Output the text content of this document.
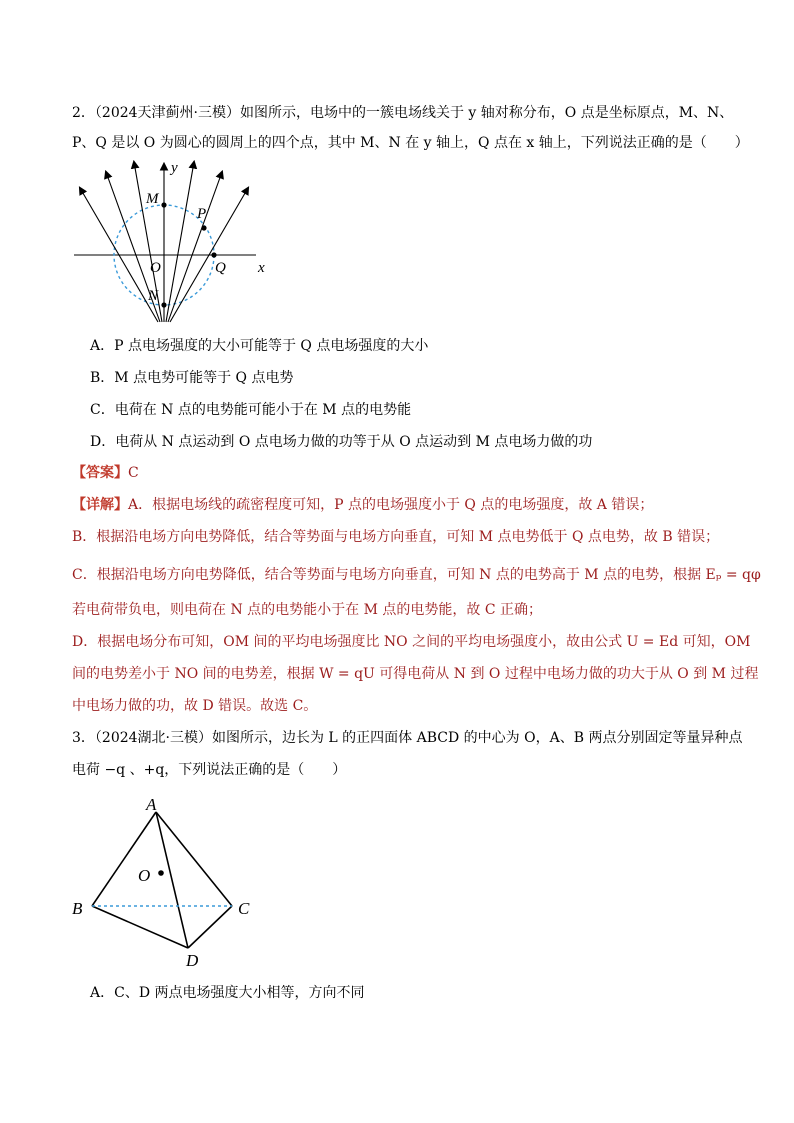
2．（2024天津蓟州·三模）如图所示，电场中的一簇电场线关于 y 轴对称分布，O 点是坐标原点，M、N、
P、Q 是以 O 为圆心的圆周上的四个点，其中 M、N 在 y 轴上，Q 点在 x 轴上，下列说法正确的是（　　）
y
x
M
P
O	Q
N
A．P 点电场强度的大小可能等于 Q 点电场强度的大小
B．M 点电势可能等于 Q 点电势
C．电荷在 N 点的电势能可能小于在 M 点的电势能
D．电荷从 N 点运动到 O 点电场力做的功等于从 O 点运动到 M 点电场力做的功
【答案】C
【详解】A．根据电场线的疏密程度可知，P 点的电场强度小于 Q 点的电场强度，故 A 错误；
B．根据沿电场方向电势降低，结合等势面与电场方向垂直，可知 M 点电势低于 Q 点电势，故 B 错误；
C．根据沿电场方向电势降低，结合等势面与电场方向垂直，可知 N 点的电势高于 M 点的电势，根据 Eₚ = qφ
若电荷带负电，则电荷在 N 点的电势能小于在 M 点的电势能，故 C 正确；
D．根据电场分布可知，OM 间的平均电场强度比 NO 之间的平均电场强度小，故由公式 U = Ed 可知，OM
间的电势差小于 NO 间的电势差，根据 W = qU 可得电荷从 N 到 O 过程中电场力做的功大于从 O 到 M 过程
中电场力做的功，故 D 错误。故选 C。
3．（2024湖北·三模）如图所示，边长为 L 的正四面体 ABCD 的中心为 O，A、B 两点分别固定等量异种点
电荷 −q 、+q，下列说法正确的是（　　）
A
O
B	C
D
A．C、D 两点电场强度大小相等，方向不同
